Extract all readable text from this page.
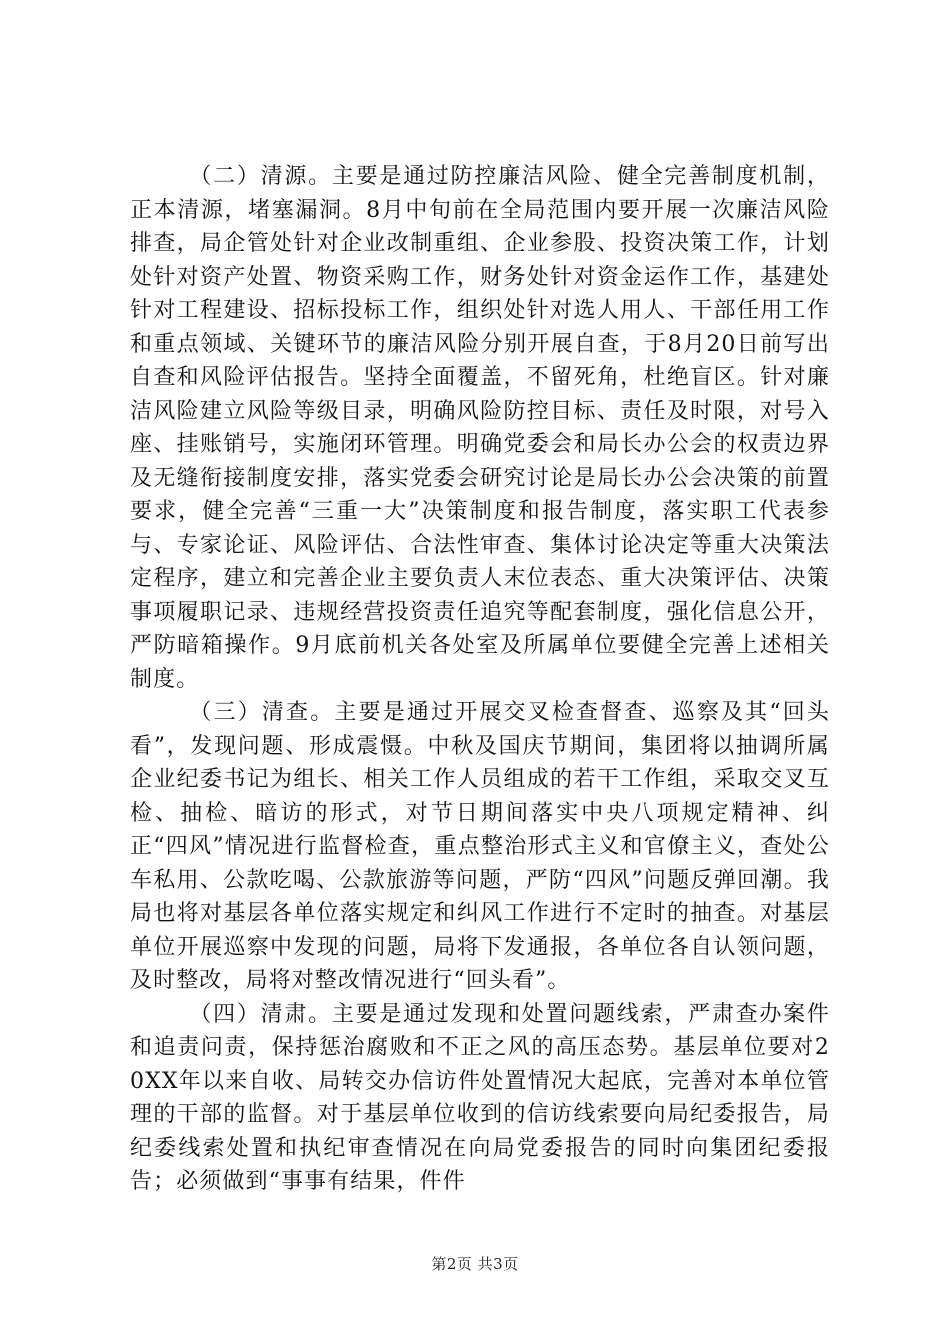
（二）清源。主要是通过防控廉洁风险、健全完善制度机制，正本清源，堵塞漏洞。8月中旬前在全局范围内要开展一次廉洁风险排查，局企管处针对企业改制重组、企业参股、投资决策工作，计划处针对资产处置、物资采购工作，财务处针对资金运作工作，基建处针对工程建设、招标投标工作，组织处针对选人用人、干部任用工作和重点领域、关键环节的廉洁风险分别开展自查，于8月20日前写出自查和风险评估报告。坚持全面覆盖，不留死角，杜绝盲区。针对廉洁风险建立风险等级目录，明确风险防控目标、责任及时限，对号入座、挂账销号，实施闭环管理。明确党委会和局长办公会的权责边界及无缝衔接制度安排，落实党委会研究讨论是局长办公会决策的前置要求，健全完善“三重一大”决策制度和报告制度，落实职工代表参与、专家论证、风险评估、合法性审查、集体讨论决定等重大决策法定程序，建立和完善企业主要负责人末位表态、重大决策评估、决策事项履职记录、违规经营投资责任追究等配套制度，强化信息公开，严防暗箱操作。9月底前机关各处室及所属单位要健全完善上述相关制度。

（三）清查。主要是通过开展交叉检查督查、巡察及其“回头看”，发现问题、形成震慑。中秋及国庆节期间，集团将以抽调所属企业纪委书记为组长、相关工作人员组成的若干工作组，采取交叉互检、抽检、暗访的形式，对节日期间落实中央八项规定精神、纠正“四风”情况进行监督检查，重点整治形式主义和官僚主义，查处公车私用、公款吃喝、公款旅游等问题，严防“四风”问题反弹回潮。我局也将对基层各单位落实规定和纠风工作进行不定时的抽查。对基层单位开展巡察中发现的问题，局将下发通报，各单位各自认领问题，及时整改，局将对整改情况进行“回头看”。

（四）清肃。主要是通过发现和处置问题线索，严肃查办案件和追责问责，保持惩治腐败和不正之风的高压态势。基层单位要对20XX年以来自收、局转交办信访件处置情况大起底，完善对本单位管理的干部的监督。对于基层单位收到的信访线索要向局纪委报告，局纪委线索处置和执纪审查情况在向局党委报告的同时向集团纪委报告；必须做到“事事有结果，件件

第2页 共3页
